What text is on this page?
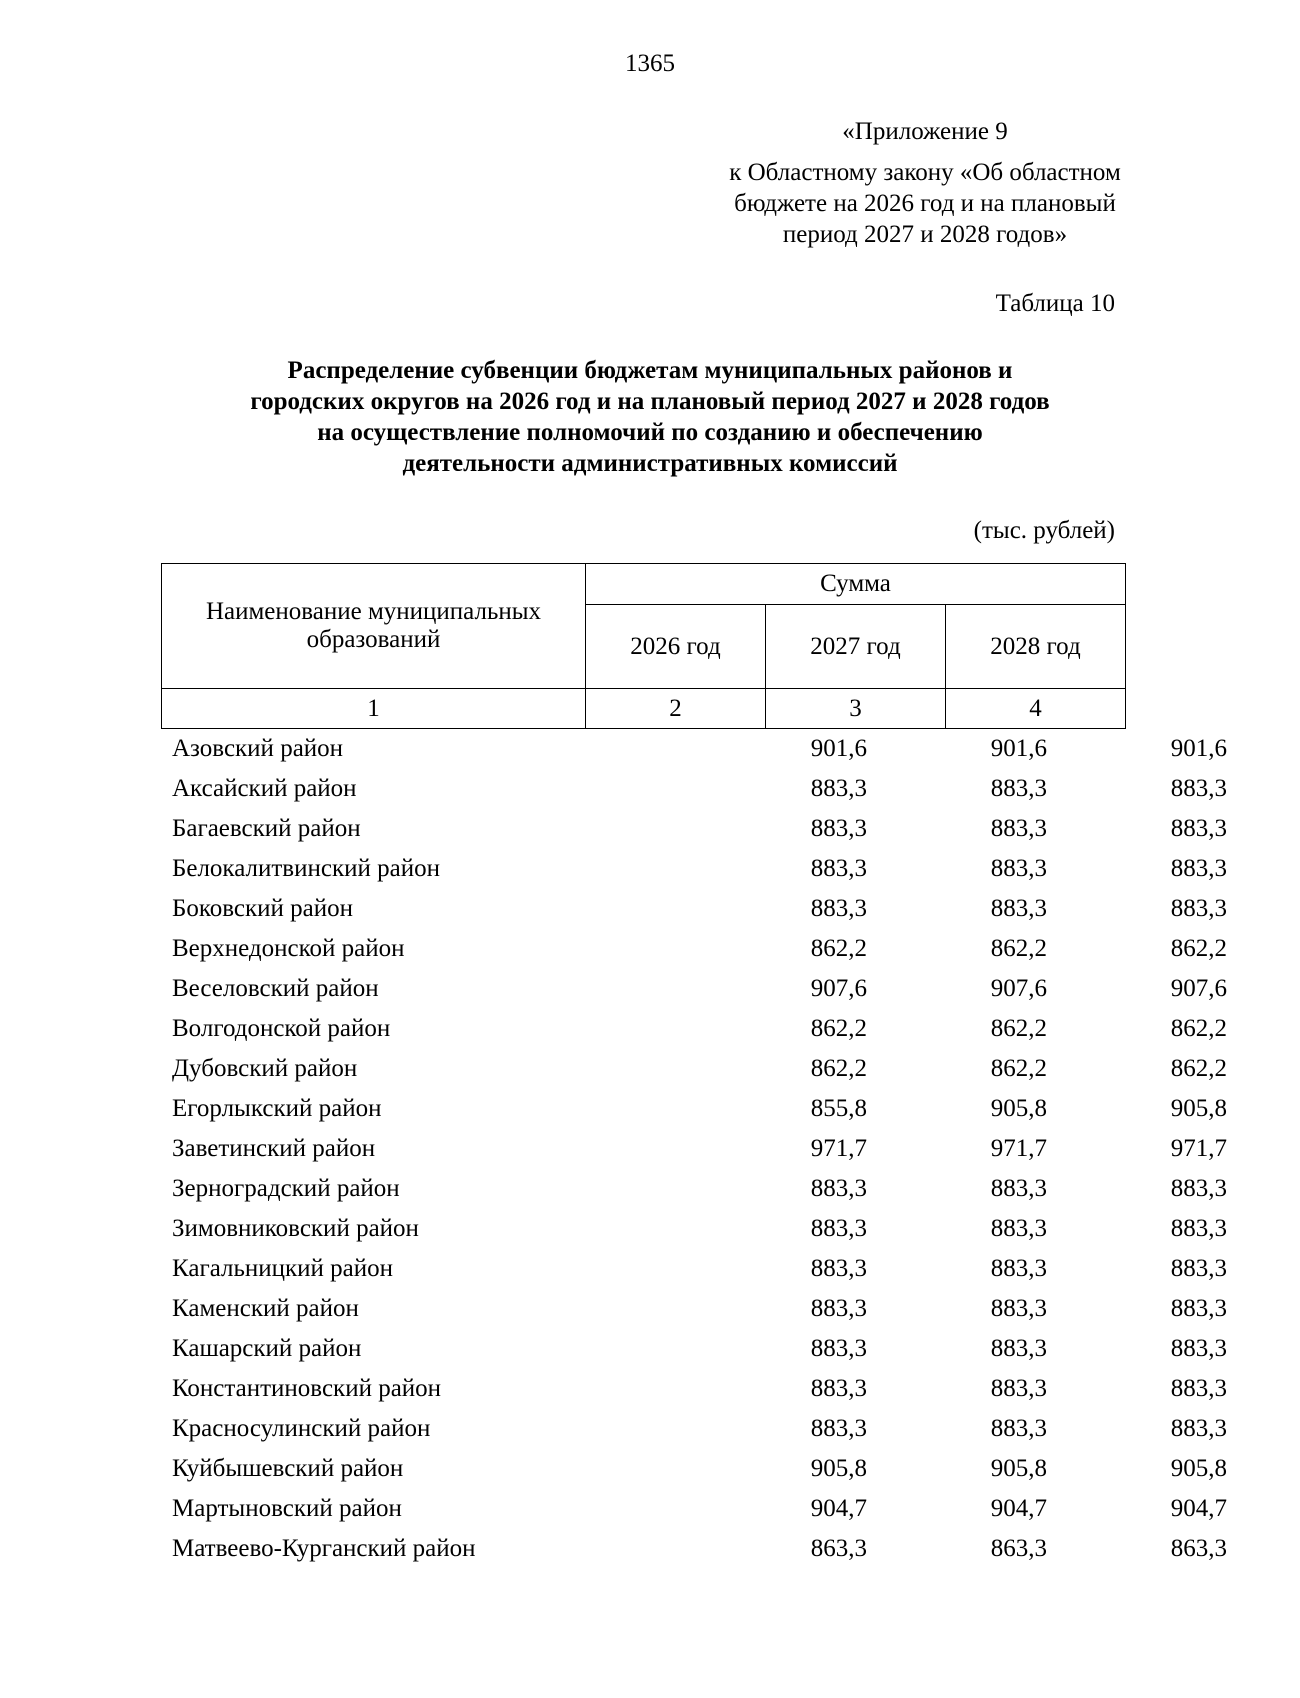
1365
«Приложение 9
к Областному закону «Об областном
бюджете на 2026 год и на плановый
период 2027 и 2028 годов»
Таблица 10
Распределение субвенции бюджетам муниципальных районов и
городских округов на 2026 год и на плановый период 2027 и 2028 годов
на осуществление полномочий по созданию и обеспечению
деятельности административных комиссий
(тыс. рублей)
Наименование муниципальных
образований	Сумма		
	2026 год	2027 год	2028 год
1	2	3	4
Азовский район	901,6	901,6	901,6
Аксайский район	883,3	883,3	883,3
Багаевский район	883,3	883,3	883,3
Белокалитвинский район	883,3	883,3	883,3
Боковский район	883,3	883,3	883,3
Верхнедонской район	862,2	862,2	862,2
Веселовский район	907,6	907,6	907,6
Волгодонской район	862,2	862,2	862,2
Дубовский район	862,2	862,2	862,2
Егорлыкский район	855,8	905,8	905,8
Заветинский район	971,7	971,7	971,7
Зерноградский район	883,3	883,3	883,3
Зимовниковский район	883,3	883,3	883,3
Кагальницкий район	883,3	883,3	883,3
Каменский район	883,3	883,3	883,3
Кашарский район	883,3	883,3	883,3
Константиновский район	883,3	883,3	883,3
Красносулинский район	883,3	883,3	883,3
Куйбышевский район	905,8	905,8	905,8
Мартыновский район	904,7	904,7	904,7
Матвеево-Курганский район	863,3	863,3	863,3
